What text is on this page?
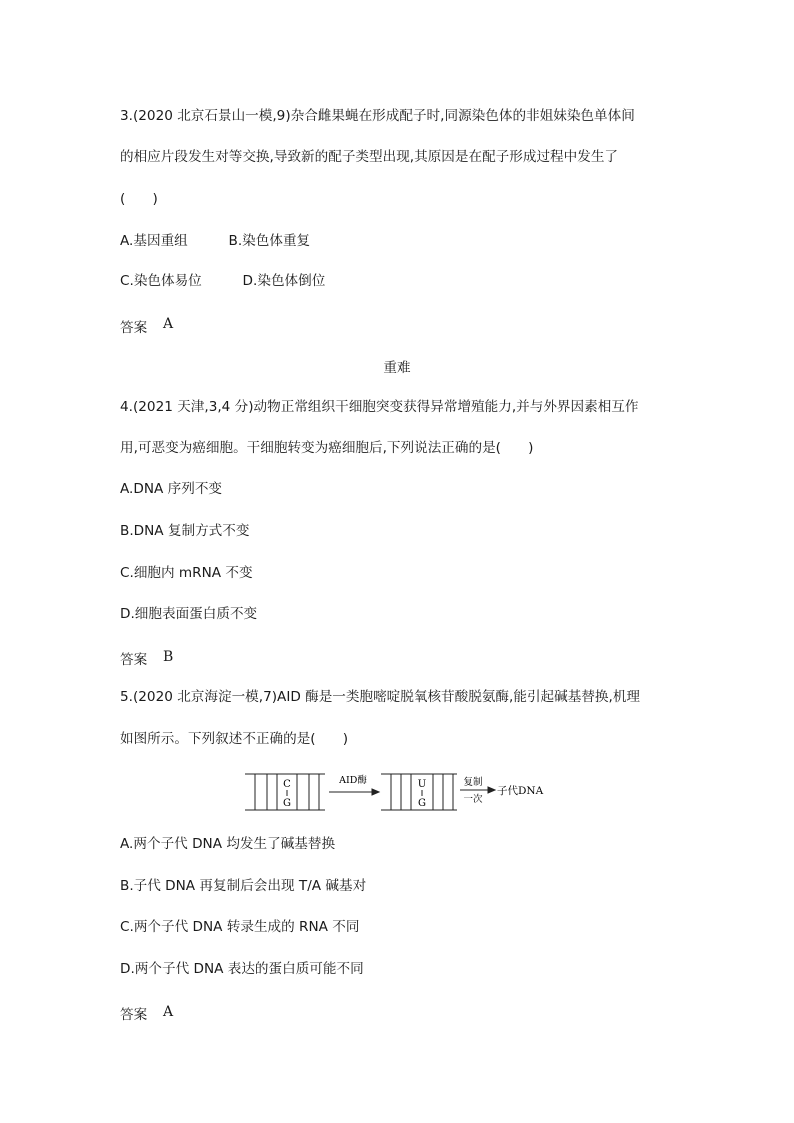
3.(2020 北京石景山一模,9)杂合雌果蝇在形成配子时,同源染色体的非姐妹染色单体间
的相应片段发生对等交换,导致新的配子类型出现,其原因是在配子形成过程中发生了
(　　)
A.基因重组　　　B.染色体重复
C.染色体易位　　　D.染色体倒位
答案 A
重难
4.(2021 天津,3,4 分)动物正常组织干细胞突变获得异常增殖能力,并与外界因素相互作
用,可恶变为癌细胞。干细胞转变为癌细胞后,下列说法正确的是(　　)
A.DNA 序列不变
B.DNA 复制方式不变
C.细胞内 mRNA 不变
D.细胞表面蛋白质不变
答案 B
5.(2020 北京海淀一模,7)AID 酶是一类胞嘧啶脱氧核苷酸脱氨酶,能引起碱基替换,机理
如图所示。下列叙述不正确的是(　　)
C
G
AID酶	U
G
复制
一次
子代DNA
A.两个子代 DNA 均发生了碱基替换
B.子代 DNA 再复制后会出现 T/A 碱基对
C.两个子代 DNA 转录生成的 RNA 不同
D.两个子代 DNA 表达的蛋白质可能不同
答案 A
